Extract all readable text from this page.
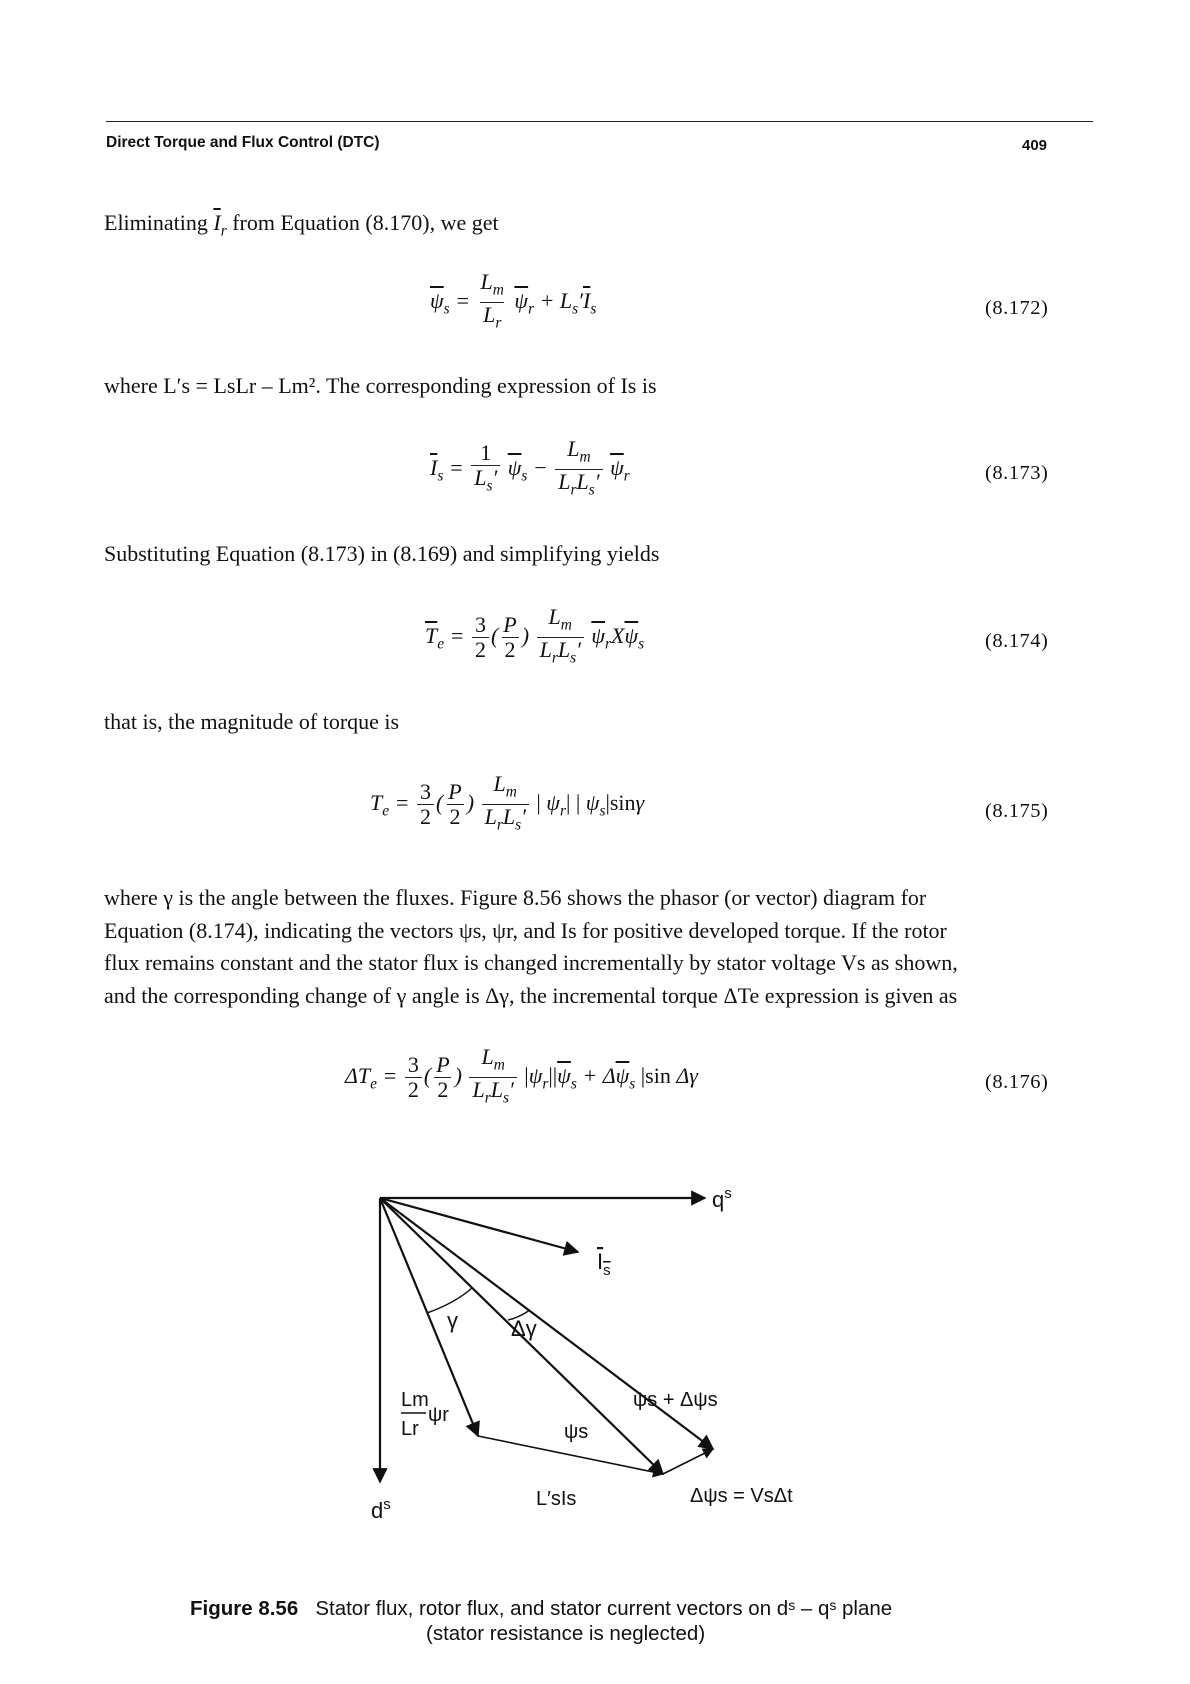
Direct Torque and Flux Control (DTC)	409
Eliminating $\overline{I}_r$ from Equation (8.170), we get
$\overline{\psi}_s = \frac{L_m}{L_r} \overline{\psi}_r + L_s'\overline{I}_s$	(8.172)
where L′s = LsLr – Lm². The corresponding expression of Is is
$\overline{I}_s = \frac{1}{L_s'} \overline{\psi}_s - \frac{L_m}{L_rL_s'} \overline{\psi}_r$	(8.173)
Substituting Equation (8.173) in (8.169) and simplifying yields
$\overline{T}_e = \frac{3}{2}$ ( $\frac{P}{2}$ ) $\frac{L_m}{L_rL_s'} \overline{\psi}_rX\overline{\psi}_s$	(8.174)
that is, the magnitude of torque is
$T_e = \frac{3}{2}$ ( $\frac{P}{2}$ ) $\frac{L_m}{L_rL_s'}$ | $\psi_r|$ | $\psi_s|\sin\gamma$	(8.175)
where γ is the angle between the fluxes. Figure 8.56 shows the phasor (or vector) diagram for
Equation (8.174), indicating the vectors ψs, ψr, and Is for positive developed torque. If the rotor
flux remains constant and the stator flux is changed incrementally by stator voltage Vs as shown,
and the corresponding change of γ angle is Δγ, the incremental torque ΔTe expression is given as
$\Delta T_e = \frac{3}{2}$ ( $\frac{P}{2}$ ) $\frac{L_m}{L_rL_s'} |\psi_r||\overline{\psi}_s + \Delta\overline{\psi}_s$ |sin Δγ	(8.176)
$q^s$
$d^s$
$I_s$
γ Δγ
ψs + Δψs
ψs
Lm
Lr
ψr
L′sIs	Δψs = VsΔt
Figure 8.56 Stator flux, rotor flux, and stator current vectors on dˢ – qˢ plane
(stator resistance is neglected)
